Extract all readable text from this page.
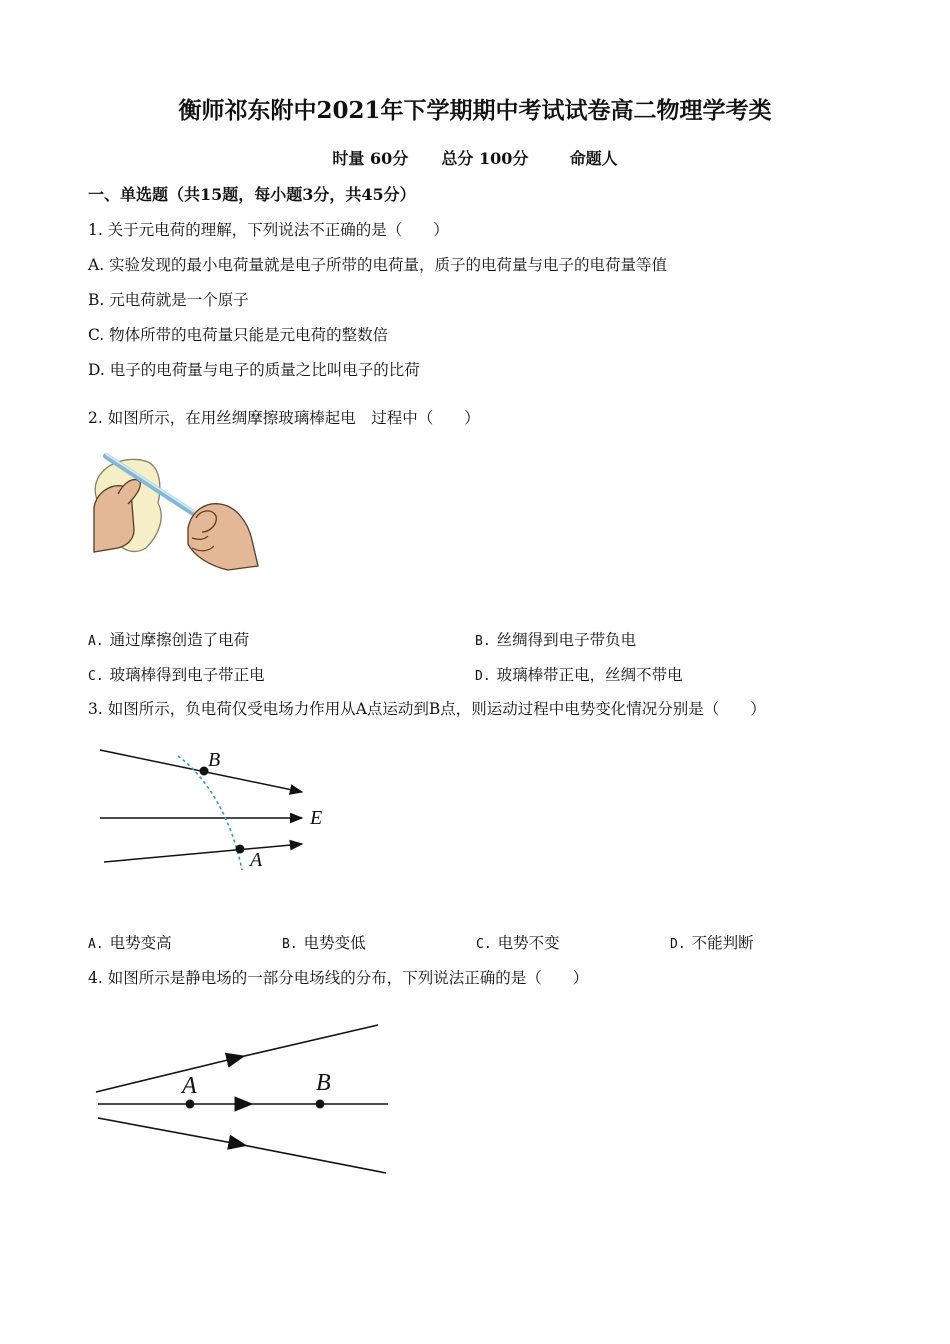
衡师祁东附中2021年下学期期中考试试卷高二物理学考类
时量 60分 总分 100分	命题人
一、单选题（共15题，每小题3分，共45分）
1. 关于元电荷的理解，下列说法不正确的是（　　）
A. 实验发现的最小电荷量就是电子所带的电荷量，质子的电荷量与电子的电荷量等值
B. 元电荷就是一个原子
C. 物体所带的电荷量只能是元电荷的整数倍
D. 电子的电荷量与电子的质量之比叫电子的比荷
2. 如图所示，在用丝绸摩擦玻璃棒起电　过程中（　　）
A. 通过摩擦创造了电荷	B. 丝绸得到电子带负电
C. 玻璃棒得到电子带正电	D. 玻璃棒带正电，丝绸不带电
3. 如图所示，负电荷仅受电场力作用从A点运动到B点，则运动过程中电势变化情况分别是（　　）
B
E
A
A. 电势变高	B. 电势变低	C. 电势不变	D. 不能判断
4. 如图所示是静电场的一部分电场线的分布，下列说法正确的是（　　）
A	B
